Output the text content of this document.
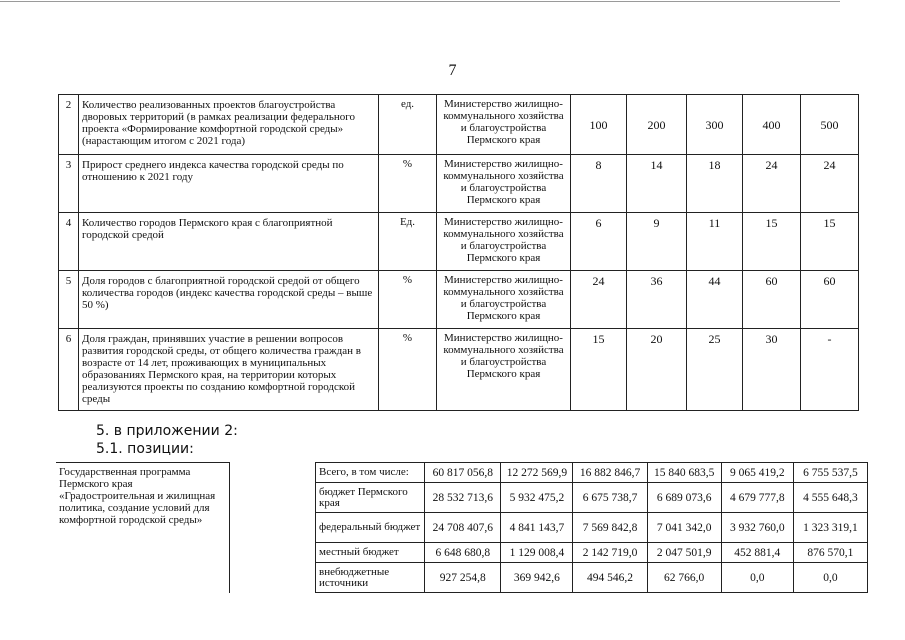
7
2	Количество реализованных проектов благоустройства дворовых территорий (в рамках реализации федерального проекта «Формирование комфортной городской среды» (нарастающим итогом с 2021 года)	ед.	Министерство жилищно-коммунального хозяйства и благоустройства Пермского края	100	200	300	400	500
3	Прирост среднего индекса качества городской среды по отношению к 2021 году	%	Министерство жилищно-коммунального хозяйства и благоустройства Пермского края	8	14	18	24	24
4	Количество городов Пермского края с благоприятной городской средой	Ед.	Министерство жилищно-коммунального хозяйства и благоустройства Пермского края	6	9	11	15	15
5	Доля городов с благоприятной городской средой от общего количества городов (индекс качества городской среды – выше 50 %)	%	Министерство жилищно-коммунального хозяйства и благоустройства Пермского края	24	36	44	60	60
6	Доля граждан, принявших участие в решении вопросов развития городской среды, от общего количества граждан в возрасте от 14 лет, проживающих в муниципальных образованиях Пермского края, на территории которых реализуются проекты по созданию комфортной городской среды	%	Министерство жилищно-коммунального хозяйства и благоустройства Пермского края	15	20	25	30	-
5. в приложении 2:
5.1. позиции:
Государственная программа Пермского края «Градостроительная и жилищная политика, создание условий для комфортной городской среды»		Всего, в том числе:	60 817 056,8	12 272 569,9	16 882 846,7	15 840 683,5	9 065 419,2	6 755 537,5
		бюджет Пермского края	28 532 713,6	5 932 475,2	6 675 738,7	6 689 073,6	4 679 777,8	4 555 648,3
		федеральный бюджет	24 708 407,6	4 841 143,7	7 569 842,8	7 041 342,0	3 932 760,0	1 323 319,1
		местный бюджет	6 648 680,8	1 129 008,4	2 142 719,0	2 047 501,9	452 881,4	876 570,1
		внебюджетные источники	927 254,8	369 942,6	494 546,2	62 766,0	0,0	0,0
